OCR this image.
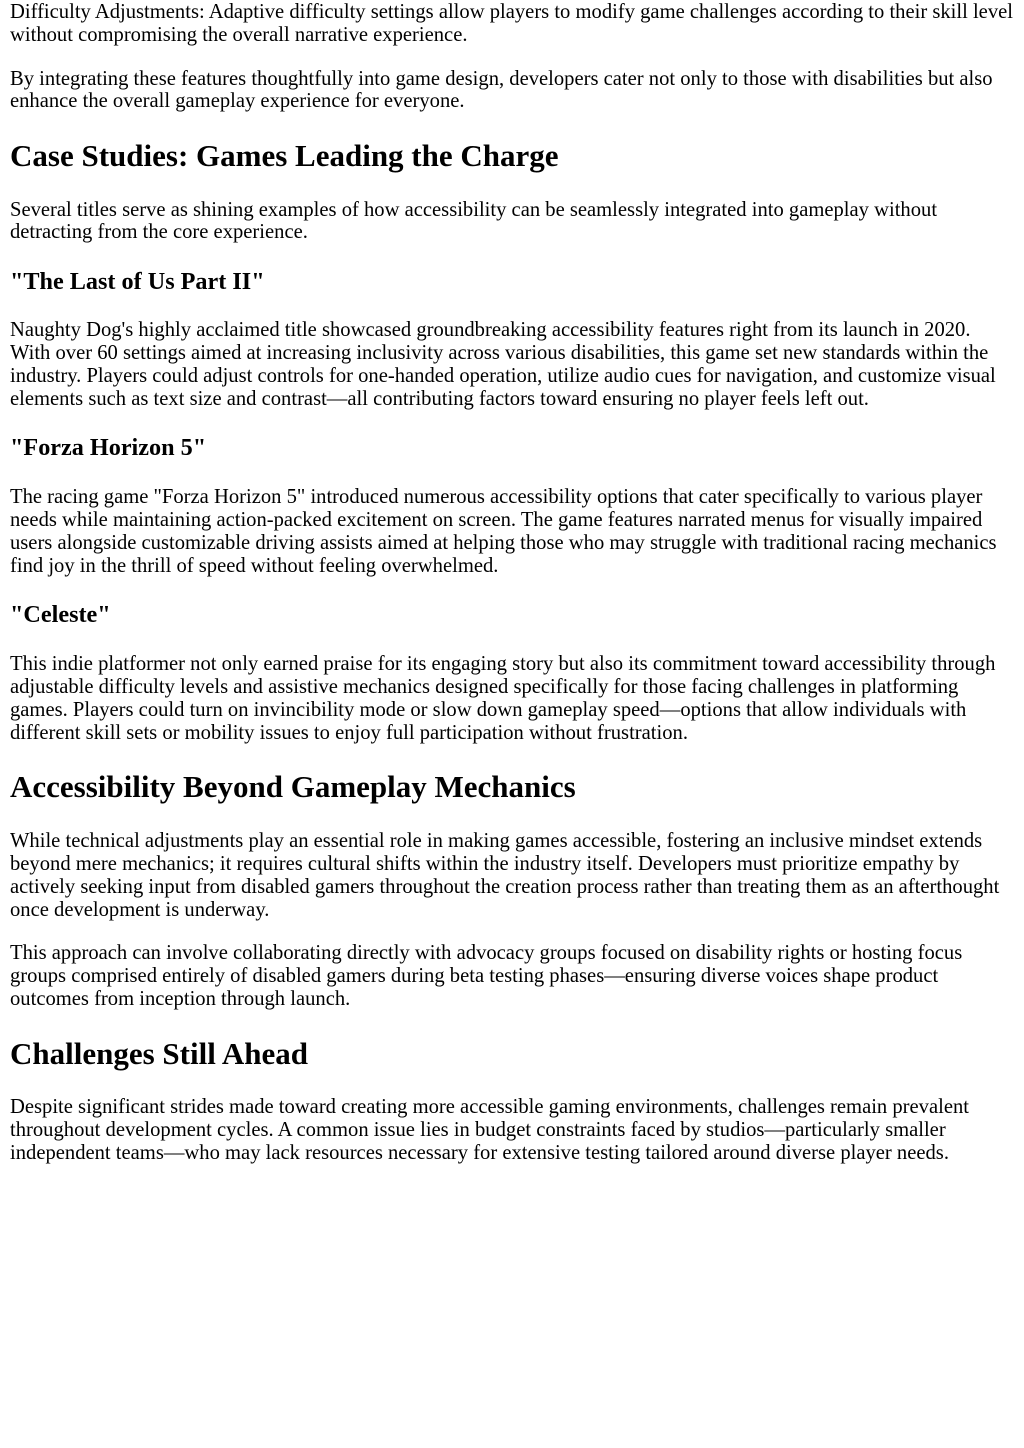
Difficulty Adjustments: Adaptive difficulty settings allow players to modify game challenges according to their skill level without compromising the overall narrative experience.

By integrating these features thoughtfully into game design, developers cater not only to those with disabilities but also enhance the overall gameplay experience for everyone.

Case Studies: Games Leading the Charge

Several titles serve as shining examples of how accessibility can be seamlessly integrated into gameplay without detracting from the core experience.

"The Last of Us Part II"

Naughty Dog's highly acclaimed title showcased groundbreaking accessibility features right from its launch in 2020. With over 60 settings aimed at increasing inclusivity across various disabilities, this game set new standards within the industry. Players could adjust controls for one-handed operation, utilize audio cues for navigation, and customize visual elements such as text size and contrast—all contributing factors toward ensuring no player feels left out.

"Forza Horizon 5"

The racing game "Forza Horizon 5" introduced numerous accessibility options that cater specifically to various player needs while maintaining action-packed excitement on screen. The game features narrated menus for visually impaired users alongside customizable driving assists aimed at helping those who may struggle with traditional racing mechanics find joy in the thrill of speed without feeling overwhelmed.

"Celeste"

This indie platformer not only earned praise for its engaging story but also its commitment toward accessibility through adjustable difficulty levels and assistive mechanics designed specifically for those facing challenges in platforming games. Players could turn on invincibility mode or slow down gameplay speed—options that allow individuals with different skill sets or mobility issues to enjoy full participation without frustration.

Accessibility Beyond Gameplay Mechanics

While technical adjustments play an essential role in making games accessible, fostering an inclusive mindset extends beyond mere mechanics; it requires cultural shifts within the industry itself. Developers must prioritize empathy by actively seeking input from disabled gamers throughout the creation process rather than treating them as an afterthought once development is underway.

This approach can involve collaborating directly with advocacy groups focused on disability rights or hosting focus groups comprised entirely of disabled gamers during beta testing phases—ensuring diverse voices shape product outcomes from inception through launch.

Challenges Still Ahead

Despite significant strides made toward creating more accessible gaming environments, challenges remain prevalent throughout development cycles. A common issue lies in budget constraints faced by studios—particularly smaller independent teams—who may lack resources necessary for extensive testing tailored around diverse player needs.
